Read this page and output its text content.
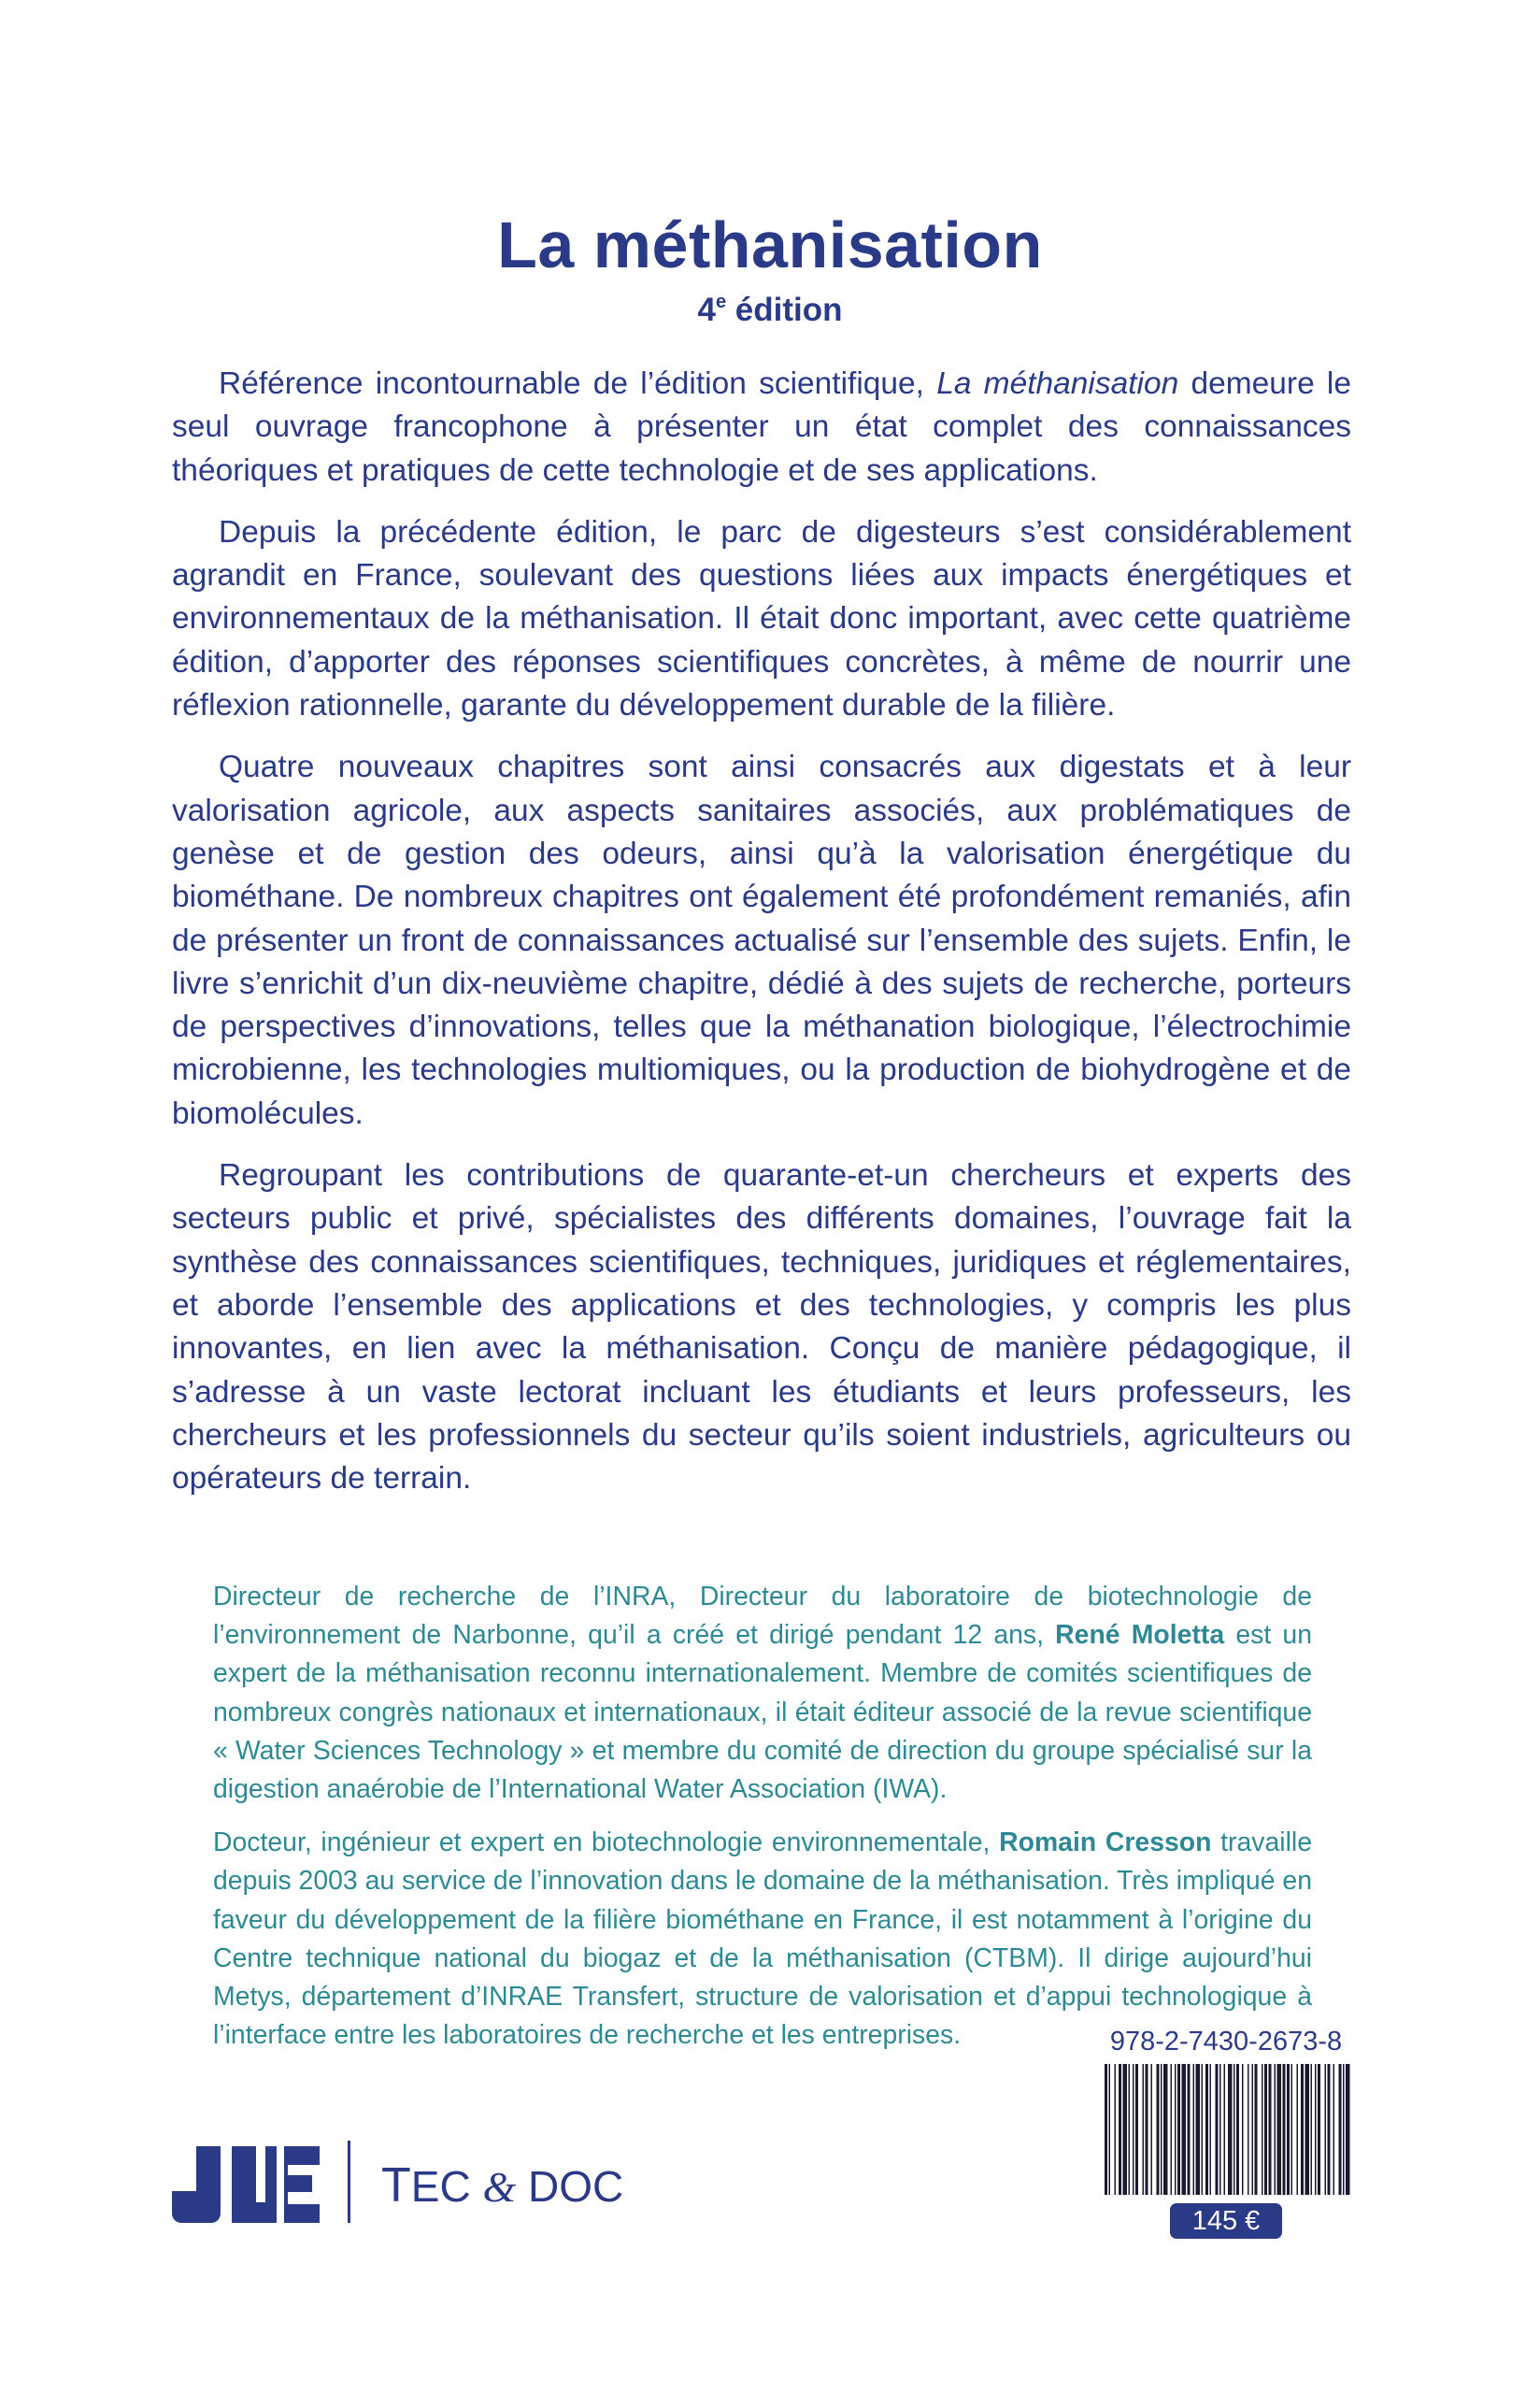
La méthanisation
4e édition

Référence incontournable de l’édition scientifique, La méthanisation demeure le seul ouvrage francophone à présenter un état complet des connaissances théoriques et pratiques de cette technologie et de ses applications.

Depuis la précédente édition, le parc de digesteurs s’est considérablement agrandit en France, soulevant des questions liées aux impacts énergétiques et environnementaux de la méthanisation. Il était donc important, avec cette quatrième édition, d’apporter des réponses scientifiques concrètes, à même de nourrir une réflexion rationnelle, garante du développement durable de la filière.

Quatre nouveaux chapitres sont ainsi consacrés aux digestats et à leur valorisation agricole, aux aspects sanitaires associés, aux problématiques de genèse et de gestion des odeurs, ainsi qu’à la valorisation énergétique du biométhane. De nombreux chapitres ont également été profondément remaniés, afin de présenter un front de connaissances actualisé sur l’ensemble des sujets. Enfin, le livre s’enrichit d’un dix-neuvième chapitre, dédié à des sujets de recherche, porteurs de perspectives d’innovations, telles que la méthanation biologique, l’électrochimie microbienne, les technologies multiomiques, ou la production de biohydrogène et de biomolécules.

Regroupant les contributions de quarante-et-un chercheurs et experts des secteurs public et privé, spécialistes des différents domaines, l’ouvrage fait la synthèse des connaissances scientifiques, techniques, juridiques et réglementaires, et aborde l’ensemble des applications et des technologies, y compris les plus innovantes, en lien avec la méthanisation. Conçu de manière pédagogique, il s’adresse à un vaste lectorat incluant les étudiants et leurs professeurs, les chercheurs et les professionnels du secteur qu’ils soient industriels, agriculteurs ou opérateurs de terrain.

Directeur de recherche de l’INRA, Directeur du laboratoire de biotechnologie de l’environnement de Narbonne, qu’il a créé et dirigé pendant 12 ans, René Moletta est un expert de la méthanisation reconnu internationalement. Membre de comités scientifiques de nombreux congrès nationaux et internationaux, il était éditeur associé de la revue scientifique « Water Sciences Technology » et membre du comité de direction du groupe spécialisé sur la digestion anaérobie de l’International Water Association (IWA).

Docteur, ingénieur et expert en biotechnologie environnementale, Romain Cresson travaille depuis 2003 au service de l’innovation dans le domaine de la méthanisation. Très impliqué en faveur du développement de la filière biométhane en France, il est notamment à l’origine du Centre technique national du biogaz et de la méthanisation (CTBM). Il dirige aujourd’hui Metys, département d’INRAE Transfert, structure de valorisation et d’appui technologique à l’interface entre les laboratoires de recherche et les entreprises.

TEC & DOC
978-2-7430-2673-8
145 €
